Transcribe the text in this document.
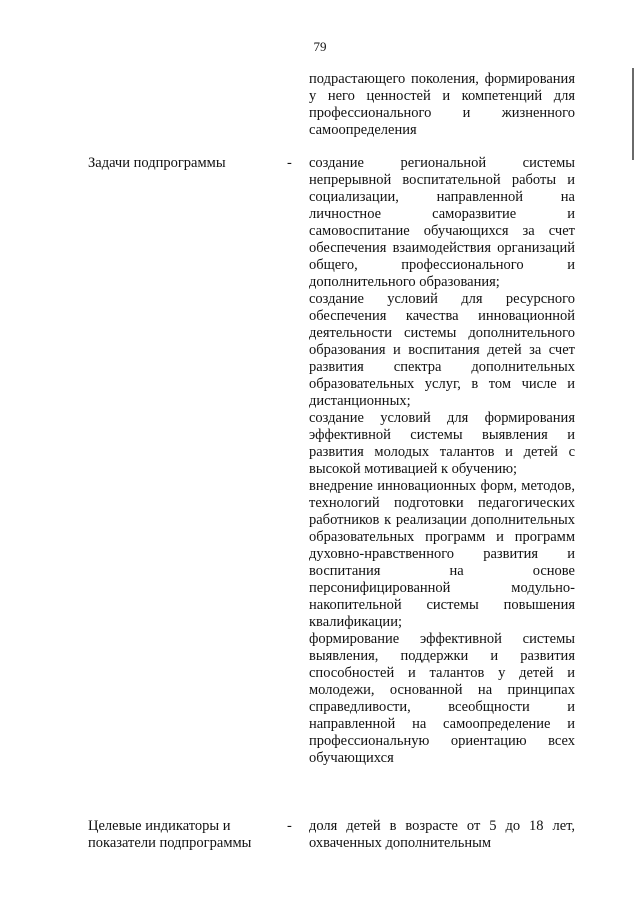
79

подрастающего поколения, формирования у него ценностей и компетенций для профессионального и жизненного самоопределения

Задачи подпрограммы	- создание региональной системы непрерывной воспитательной работы и социализации, направленной на личностное саморазвитие и самовоспитание обучающихся за счет обеспечения взаимодействия организаций общего, профессионального и дополнительного образования;

создание условий для ресурсного обеспечения качества инновационной деятельности системы дополнительного образования и воспитания детей за счет развития спектра дополнительных образовательных услуг, в том числе и дистанционных;

создание условий для формирования эффективной системы выявления и развития молодых талантов и детей с высокой мотивацией к обучению;

внедрение инновационных форм, методов, технологий подготовки педагогических работников к реализации дополнительных образовательных программ и программ духовно-нравственного развития и воспитания на основе персонифицированной модульно-накопительной системы повышения квалификации;

формирование эффективной системы выявления, поддержки и развития способностей и талантов у детей и молодежи, основанной на принципах справедливости, всеобщности и направленной на самоопределение и профессиональную ориентацию всех обучающихся

Целевые индикаторы и показатели подпрограммы
- доля детей в возрасте от 5 до 18 лет, охваченных дополнительным
